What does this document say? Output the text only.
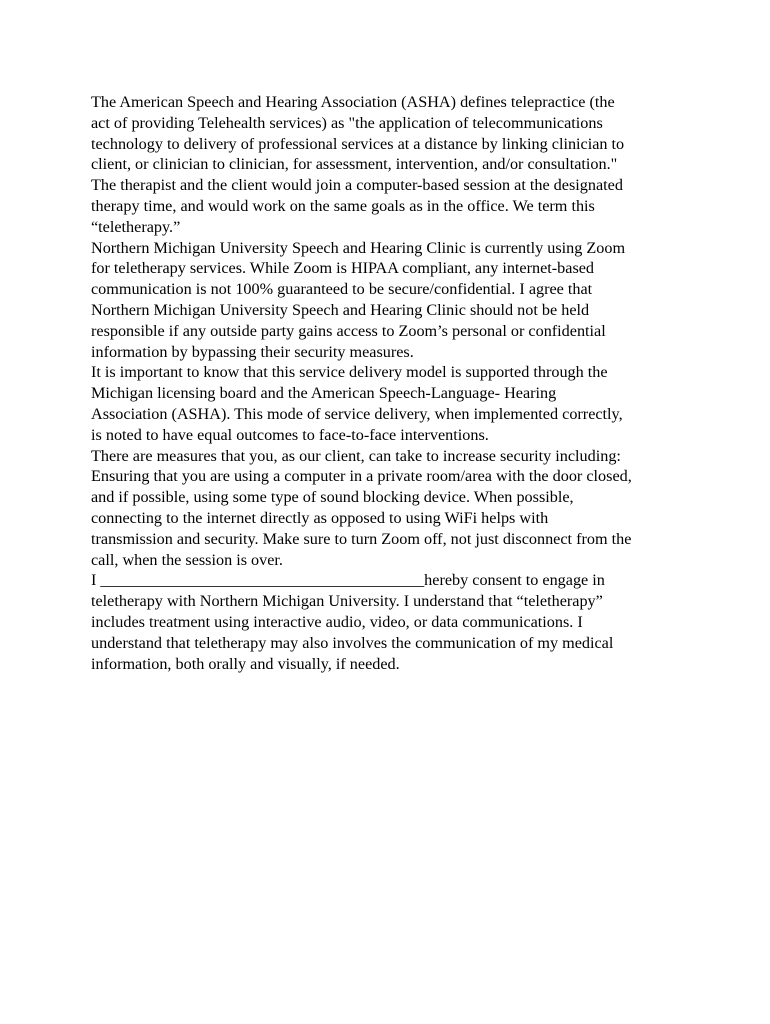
The American Speech and Hearing Association (ASHA) defines telepractice (the
act of providing Telehealth services) as "the application of telecommunications
technology to delivery of professional services at a distance by linking clinician to
client, or clinician to clinician, for assessment, intervention, and/or consultation."
The therapist and the client would join a computer-based session at the designated
therapy time, and would work on the same goals as in the office. We term this
“teletherapy.”

Northern Michigan University Speech and Hearing Clinic is currently using Zoom
for teletherapy services. While Zoom is HIPAA compliant, any internet-based
communication is not 100% guaranteed to be secure/confidential. I agree that
Northern Michigan University Speech and Hearing Clinic should not be held
responsible if any outside party gains access to Zoom’s personal or confidential
information by bypassing their security measures.

It is important to know that this service delivery model is supported through the
Michigan licensing board and the American Speech-Language- Hearing
Association (ASHA). This mode of service delivery, when implemented correctly,
is noted to have equal outcomes to face-to-face interventions.

There are measures that you, as our client, can take to increase security including:
Ensuring that you are using a computer in a private room/area with the door closed,
and if possible, using some type of sound blocking device. When possible,
connecting to the internet directly as opposed to using WiFi helps with
transmission and security. Make sure to turn Zoom off, not just disconnect from the
call, when the session is over.

I ________________________________________hereby consent to engage in
teletherapy with Northern Michigan University. I understand that “teletherapy”
includes treatment using interactive audio, video, or data communications. I
understand that teletherapy may also involves the communication of my medical
information, both orally and visually, if needed.
